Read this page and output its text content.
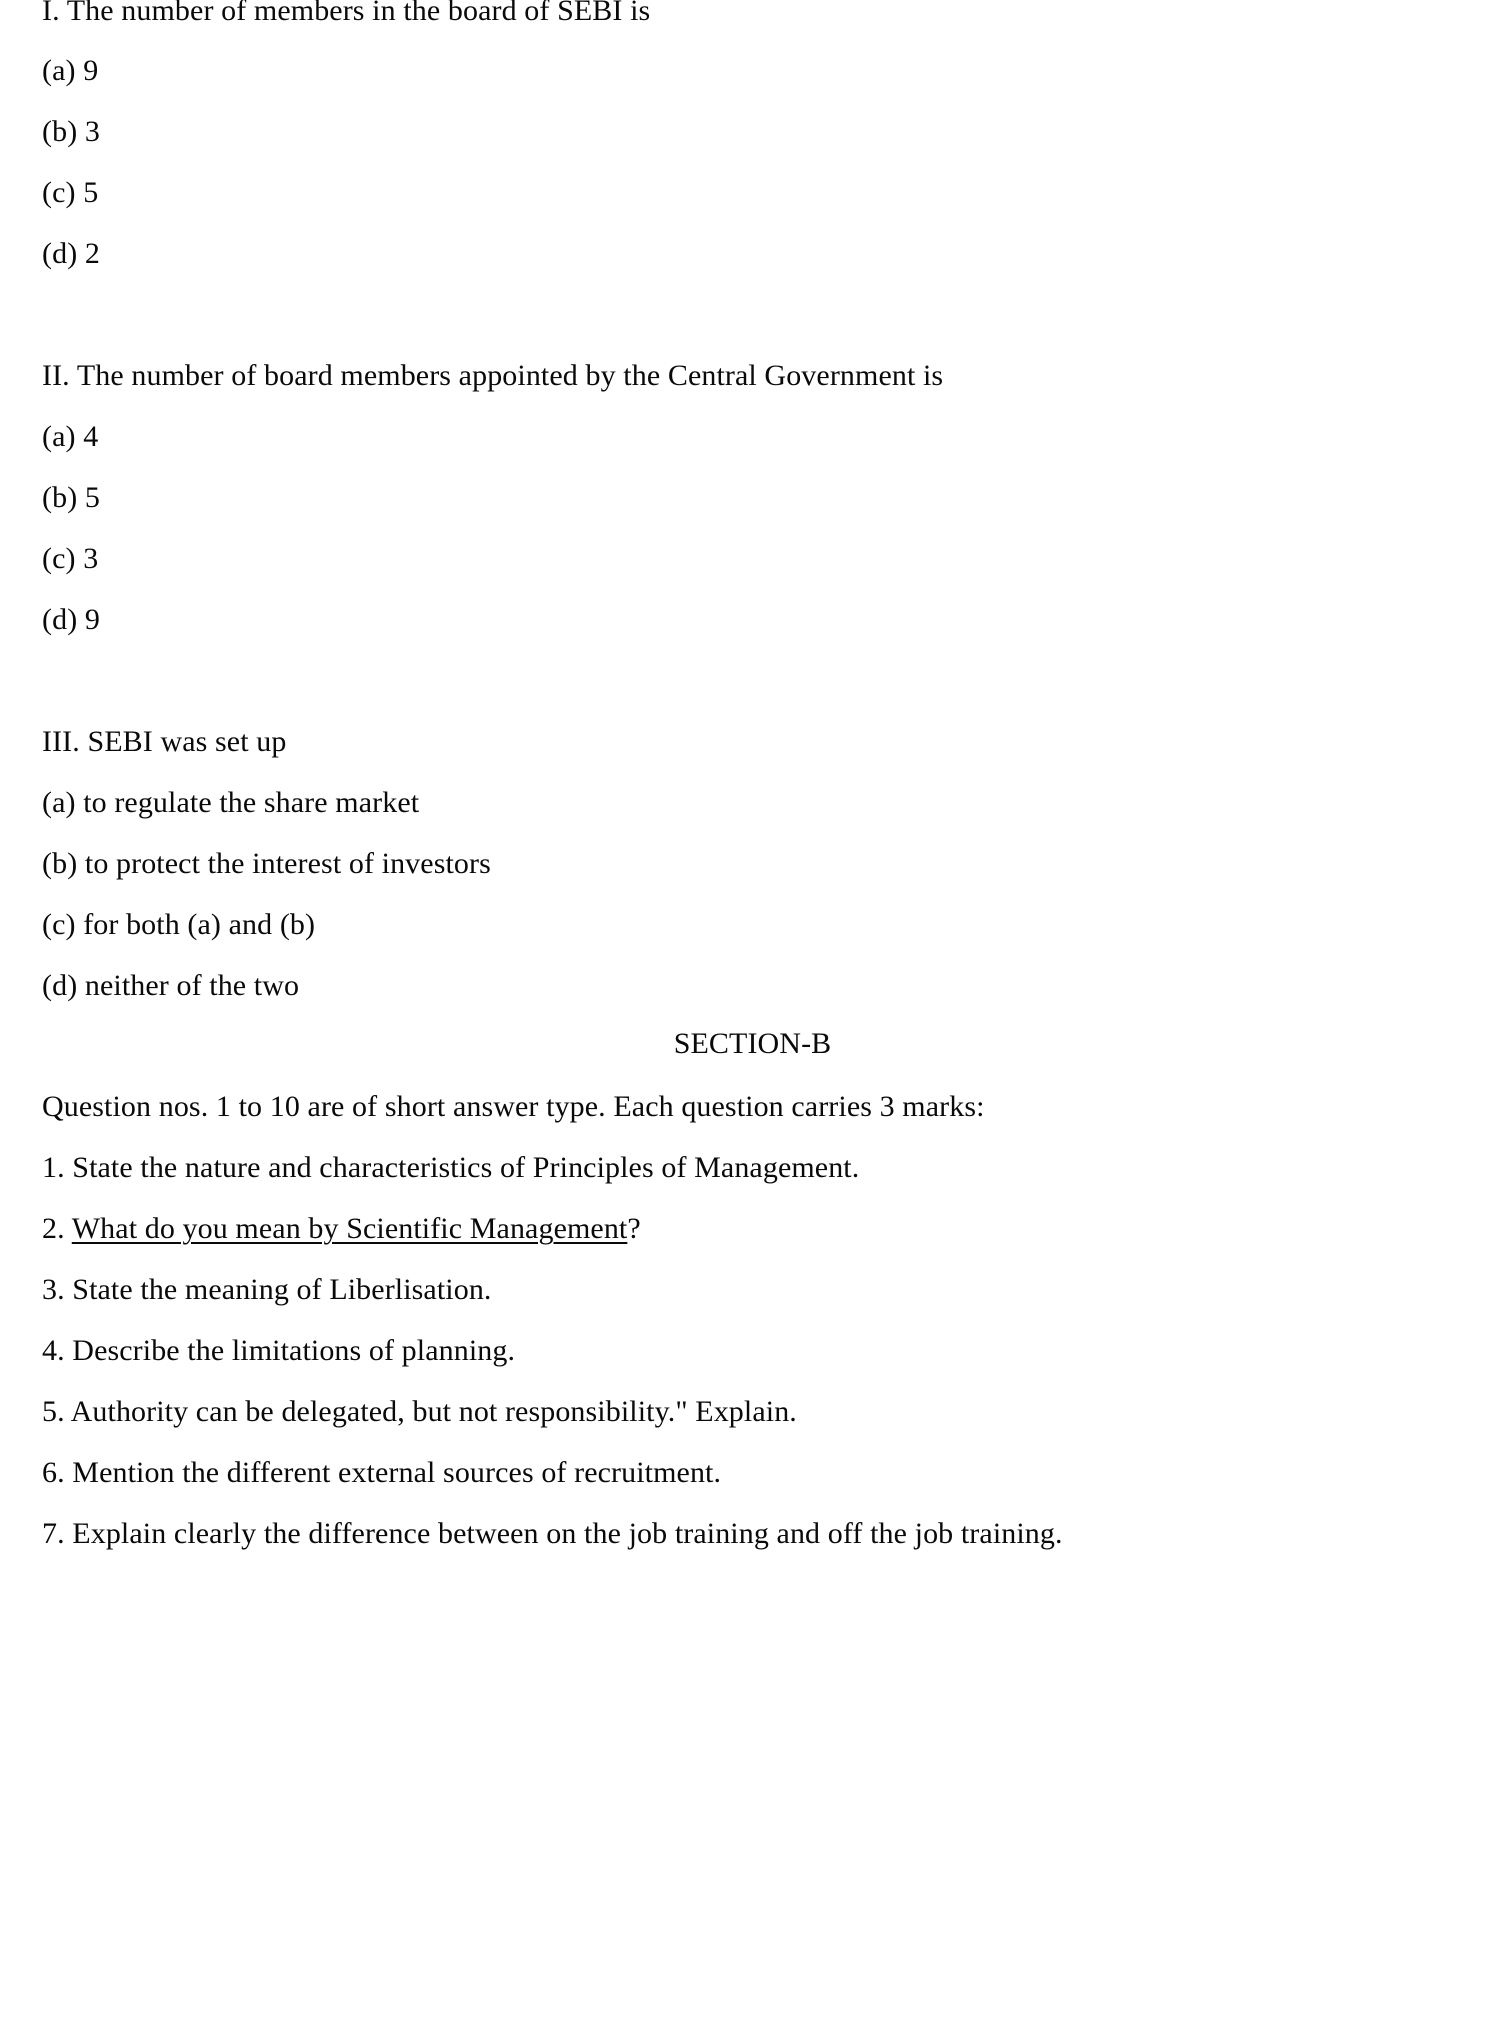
I. The number of members in the board of SEBI is
(a) 9
(b) 3
(c) 5
(d) 2
II. The number of board members appointed by the Central Government is
(a) 4
(b) 5
(c) 3
(d) 9
III. SEBI was set up
(a) to regulate the share market
(b) to protect the interest of investors
(c) for both (a) and (b)
(d) neither of the two
SECTION-B
Question nos. 1 to 10 are of short answer type. Each question carries 3 marks:
1. State the nature and characteristics of Principles of Management.
2. What do you mean by Scientific Management?
3. State the meaning of Liberlisation.
4. Describe the limitations of planning.
5. Authority can be delegated, but not responsibility." Explain.
6. Mention the different external sources of recruitment.
7. Explain clearly the difference between on the job training and off the job training.
